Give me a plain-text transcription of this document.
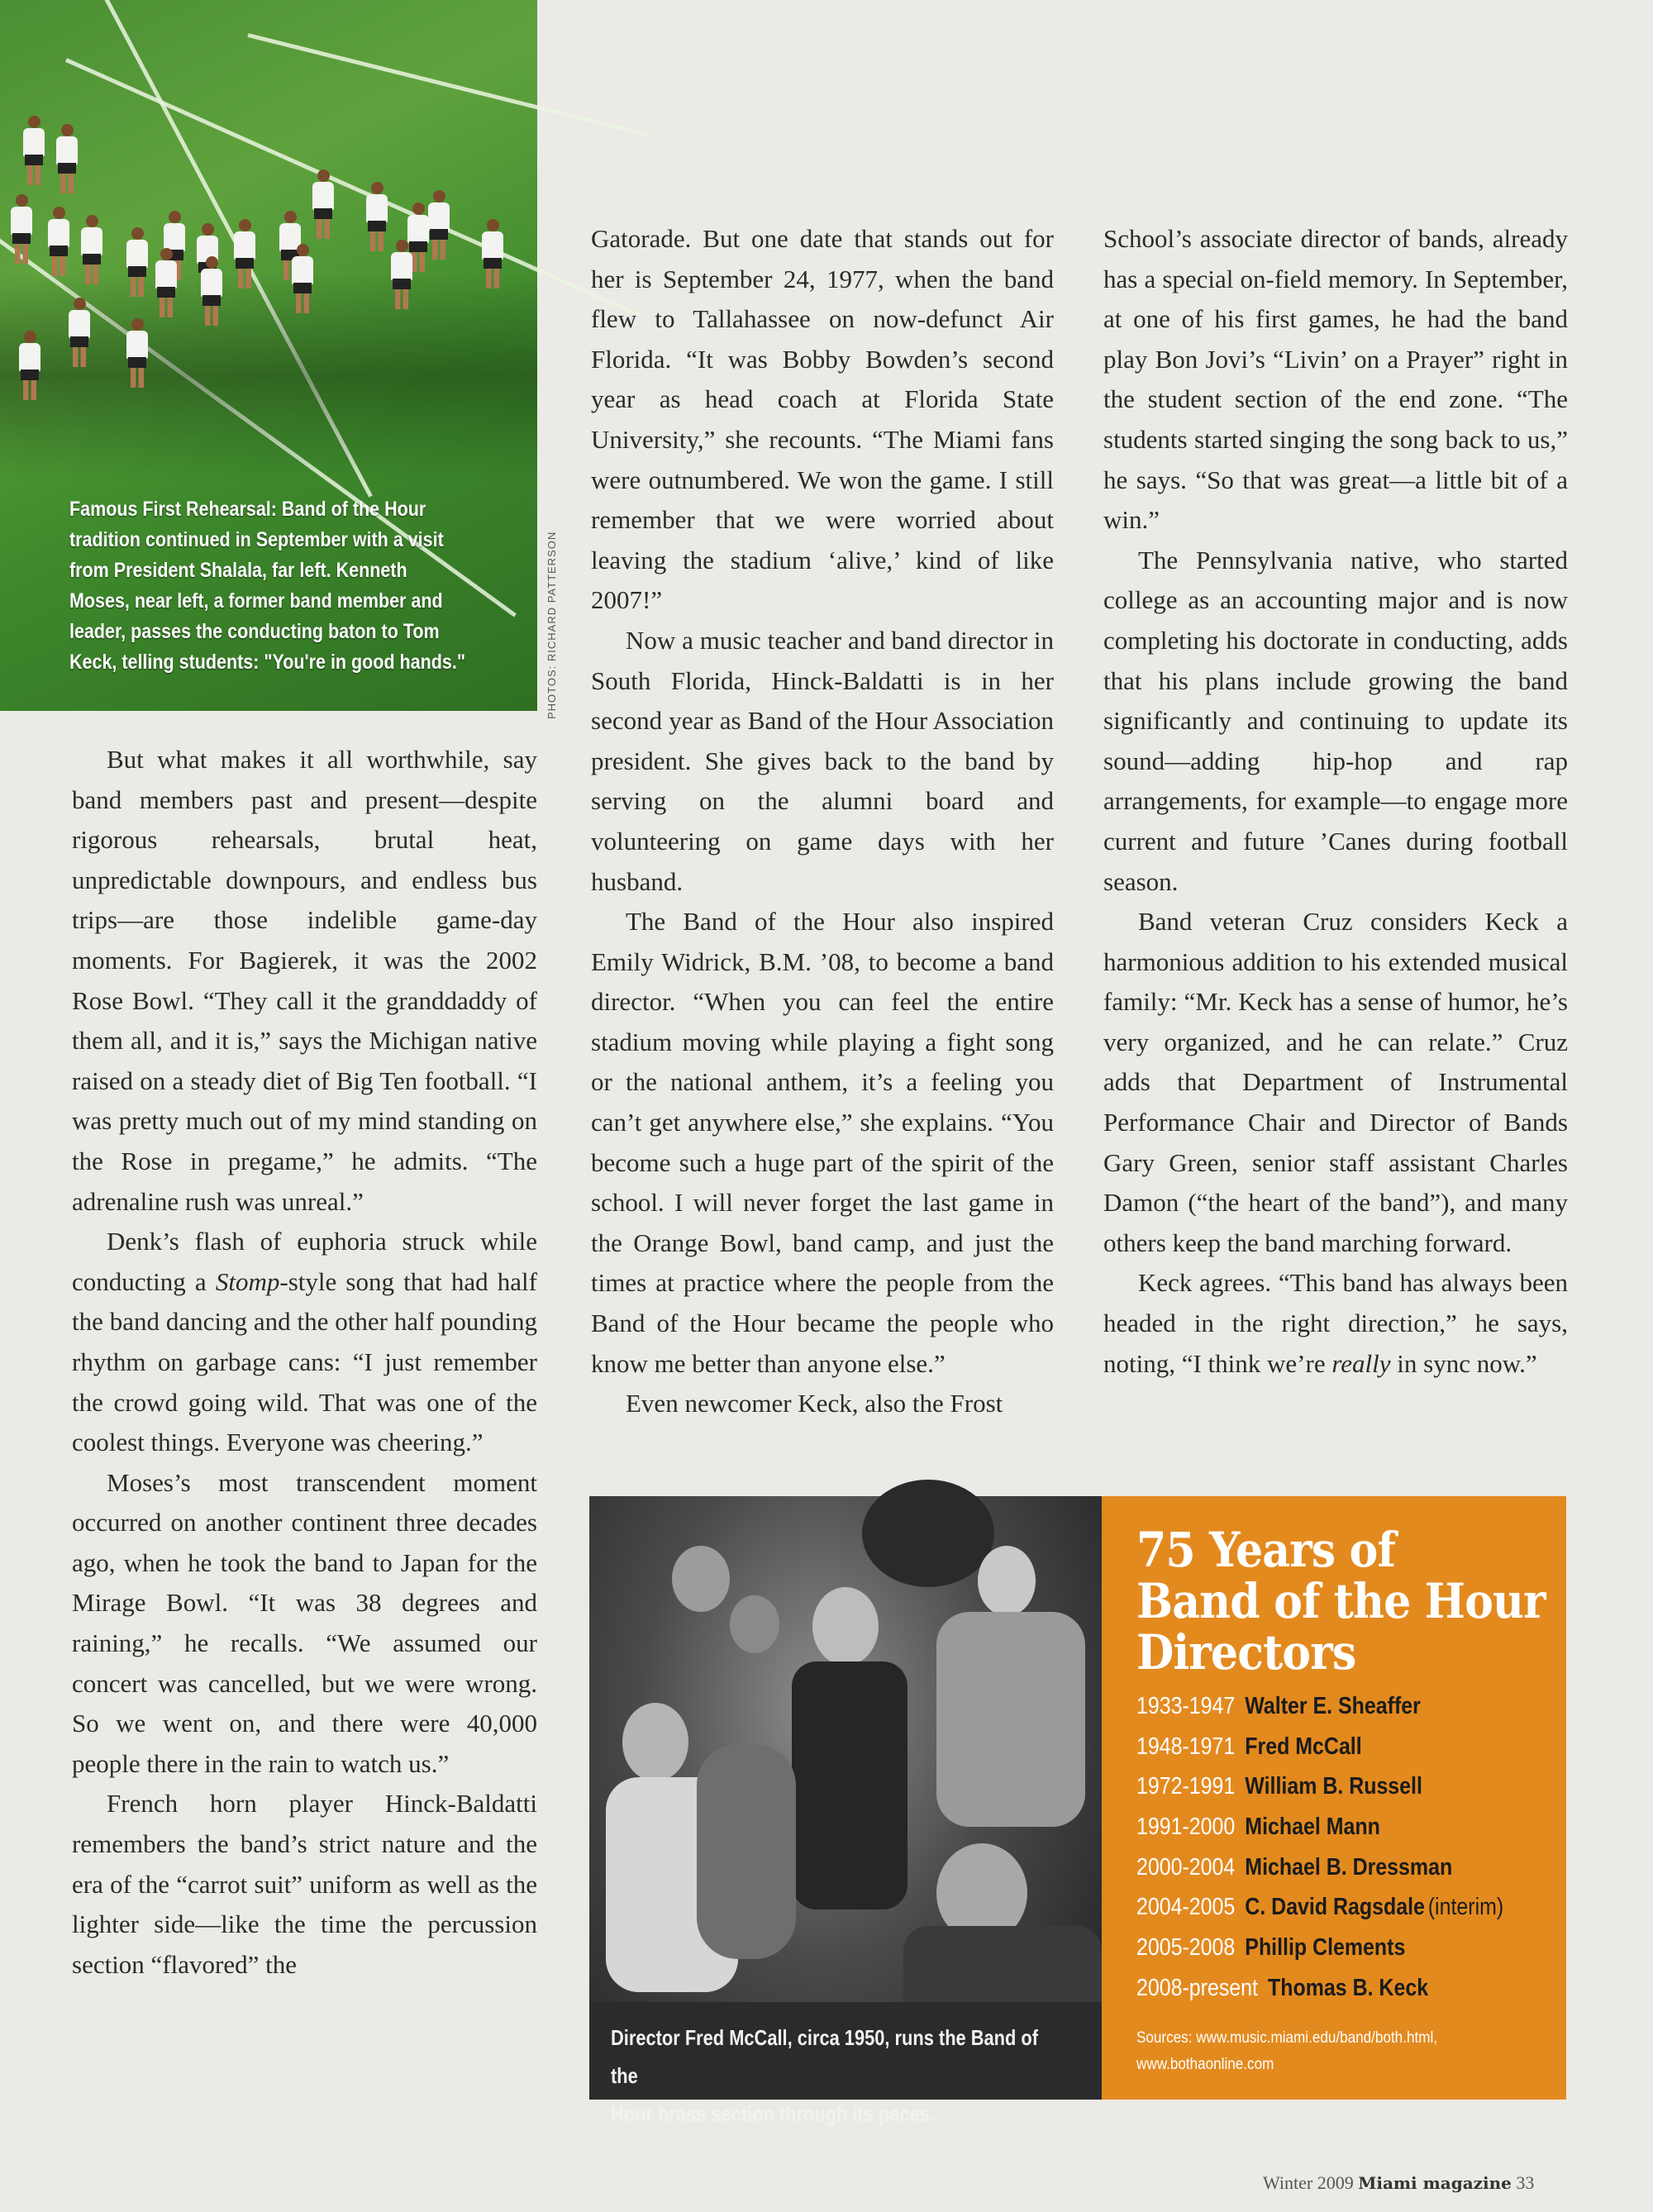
Famous First Rehearsal: Band of the Hour tradition continued in September with a visit from President Shalala, far left. Kenneth Moses, near left, a former band member and leader, passes the conducting baton to Tom Keck, telling students: "You're in good hands."	PHOTOS: RICHARD PATTERSON

But what makes it all worthwhile, say band members past and present—despite rigorous rehearsals, brutal heat, unpredictable downpours, and endless bus trips—are those indelible game-day moments. For Bagierek, it was the 2002 Rose Bowl. “They call it the granddaddy of them all, and it is,” says the Michigan native raised on a steady diet of Big Ten football. “I was pretty much out of my mind standing on the Rose in pregame,” he admits. “The adrenaline rush was unreal.”

Denk’s flash of euphoria struck while conducting a Stomp-style song that had half the band dancing and the other half pounding rhythm on garbage cans: “I just remember the crowd going wild. That was one of the coolest things. Everyone was cheering.”

Moses’s most transcendent moment occurred on another continent three decades ago, when he took the band to Japan for the Mirage Bowl. “It was 38 degrees and raining,” he recalls. “We assumed our concert was cancelled, but we were wrong. So we went on, and there were 40,000 people there in the rain to watch us.”

French horn player Hinck-Baldatti remembers the band’s strict nature and the era of the “carrot suit” uniform as well as the lighter side—like the time the percussion section “flavored” the

Gatorade. But one date that stands out for her is September 24, 1977, when the band flew to Tallahassee on now-defunct Air Florida. “It was Bobby Bowden’s second year as head coach at Florida State University,” she recounts. “The Miami fans were outnumbered. We won the game. I still remember that we were worried about leaving the stadium ‘alive,’ kind of like 2007!”

Now a music teacher and band director in South Florida, Hinck-Baldatti is in her second year as Band of the Hour Association president. She gives back to the band by serving on the alumni board and volunteering on game days with her husband.

The Band of the Hour also inspired Emily Widrick, B.M. ’08, to become a band director. “When you can feel the entire stadium moving while playing a fight song or the national anthem, it’s a feeling you can’t get anywhere else,” she explains. “You become such a huge part of the spirit of the school. I will never forget the last game in the Orange Bowl, band camp, and just the times at practice where the people from the Band of the Hour became the people who know me better than anyone else.”

Even newcomer Keck, also the Frost

School’s associate director of bands, already has a special on-field memory. In September, at one of his first games, he had the band play Bon Jovi’s “Livin’ on a Prayer” right in the student section of the end zone. “The students started singing the song back to us,” he says. “So that was great—a little bit of a win.”

The Pennsylvania native, who started college as an accounting major and is now completing his doctorate in conducting, adds that his plans include growing the band significantly and continuing to update its sound—adding hip-hop and rap arrangements, for example—to engage more current and future ’Canes during football season.

Band veteran Cruz considers Keck a harmonious addition to his extended musical family: “Mr. Keck has a sense of humor, he’s very organized, and he can relate.” Cruz adds that Department of Instrumental Performance Chair and Director of Bands Gary Green, senior staff assistant Charles Damon (“the heart of the band”), and many others keep the band marching forward.

Keck agrees. “This band has always been headed in the right direction,” he says, noting, “I think we’re really in sync now.”

Director Fred McCall, circa 1950, runs the Band of the
Hour brass section through its paces.
75 Years of
Band of the Hour
Directors
1933-1947 Walter E. Sheaffer
1948-1971 Fred McCall
1972-1991 William B. Russell
1991-2000 Michael Mann
2000-2004 Michael B. Dressman
2004-2005 C. David Ragsdale (interim)
2005-2008 Phillip Clements
2008-present Thomas B. Keck
Sources: www.music.miami.edu/band/both.html,
www.bothaonline.com
Winter 2009 Miami magazine 33
